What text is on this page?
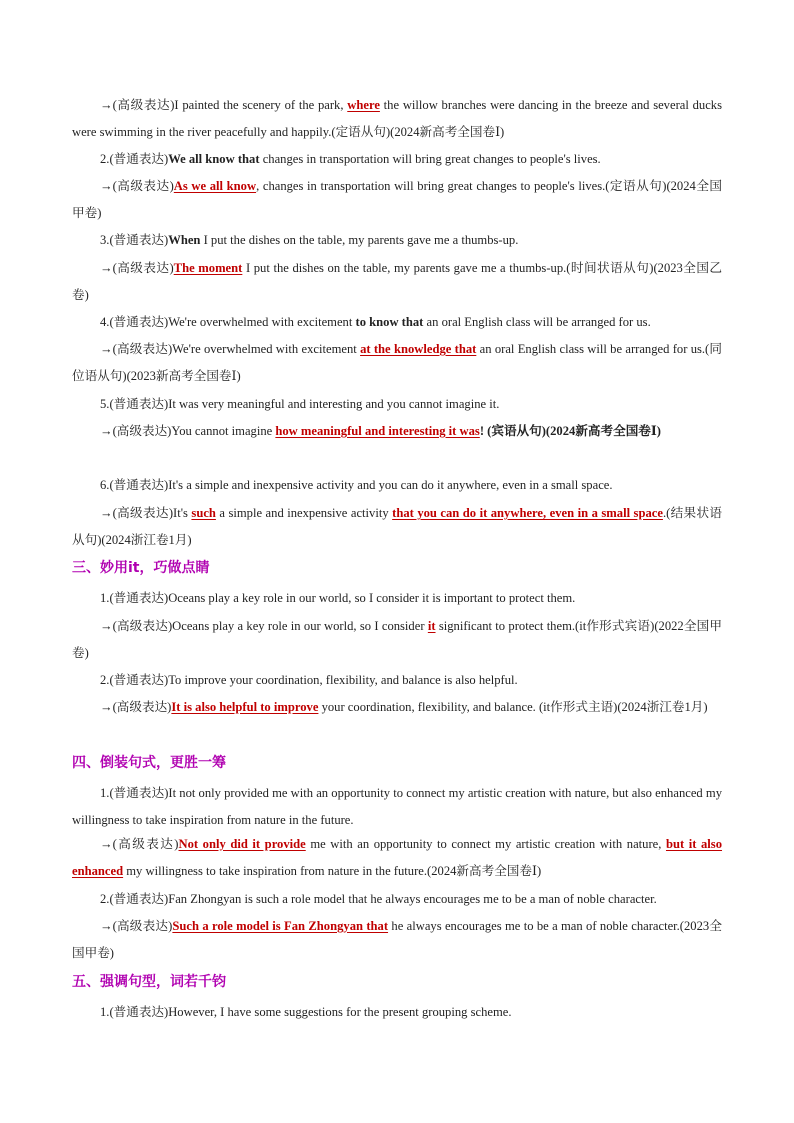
→(高级表达)I painted the scenery of the park, where the willow branches were dancing in the breeze and several ducks were swimming in the river peacefully and happily.(定语从句)(2024新高考全国卷Ⅰ)

2.(普通表达)We all know that changes in transportation will bring great changes to people's lives.

→(高级表达)As we all know, changes in transportation will bring great changes to people's lives.(定语从句)(2024全国甲卷)

3.(普通表达)When I put the dishes on the table, my parents gave me a thumbs-up.

→(高级表达)The moment I put the dishes on the table, my parents gave me a thumbs-up.(时间状语从句)(2023全国乙卷)

4.(普通表达)We're overwhelmed with excitement to know that an oral English class will be arranged for us.

→(高级表达)We're overwhelmed with excitement at the knowledge that an oral English class will be arranged for us.(同位语从句)(2023新高考全国卷Ⅰ)

5.(普通表达)It was very meaningful and interesting and you cannot imagine it.

→(高级表达)You cannot imagine how meaningful and interesting it was! (宾语从句)(2024新高考全国卷Ⅰ)

6.(普通表达)It's a simple and inexpensive activity and you can do it anywhere, even in a small space.

→(高级表达)It's such a simple and inexpensive activity that you can do it anywhere, even in a small space.(结果状语从句)(2024浙江卷1月)

三、妙用it，巧做点睛

1.(普通表达)Oceans play a key role in our world, so I consider it is important to protect them.

→(高级表达)Oceans play a key role in our world, so I consider it significant to protect them.(it作形式宾语)(2022全国甲卷)

2.(普通表达)To improve your coordination, flexibility, and balance is also helpful.

→(高级表达)It is also helpful to improve your coordination, flexibility, and balance. (it作形式主语)(2024浙江卷1月)

四、倒装句式，更胜一筹

1.(普通表达)It not only provided me with an opportunity to connect my artistic creation with nature, but also enhanced my willingness to take inspiration from nature in the future.

→(高级表达)Not only did it provide me with an opportunity to connect my artistic creation with nature, but it also enhanced my willingness to take inspiration from nature in the future.(2024新高考全国卷Ⅰ)

2.(普通表达)Fan Zhongyan is such a role model that he always encourages me to be a man of noble character.

→(高级表达)Such a role model is Fan Zhongyan that he always encourages me to be a man of noble character.(2023全国甲卷)

五、强调句型，词若千钧

1.(普通表达)However, I have some suggestions for the present grouping scheme.
